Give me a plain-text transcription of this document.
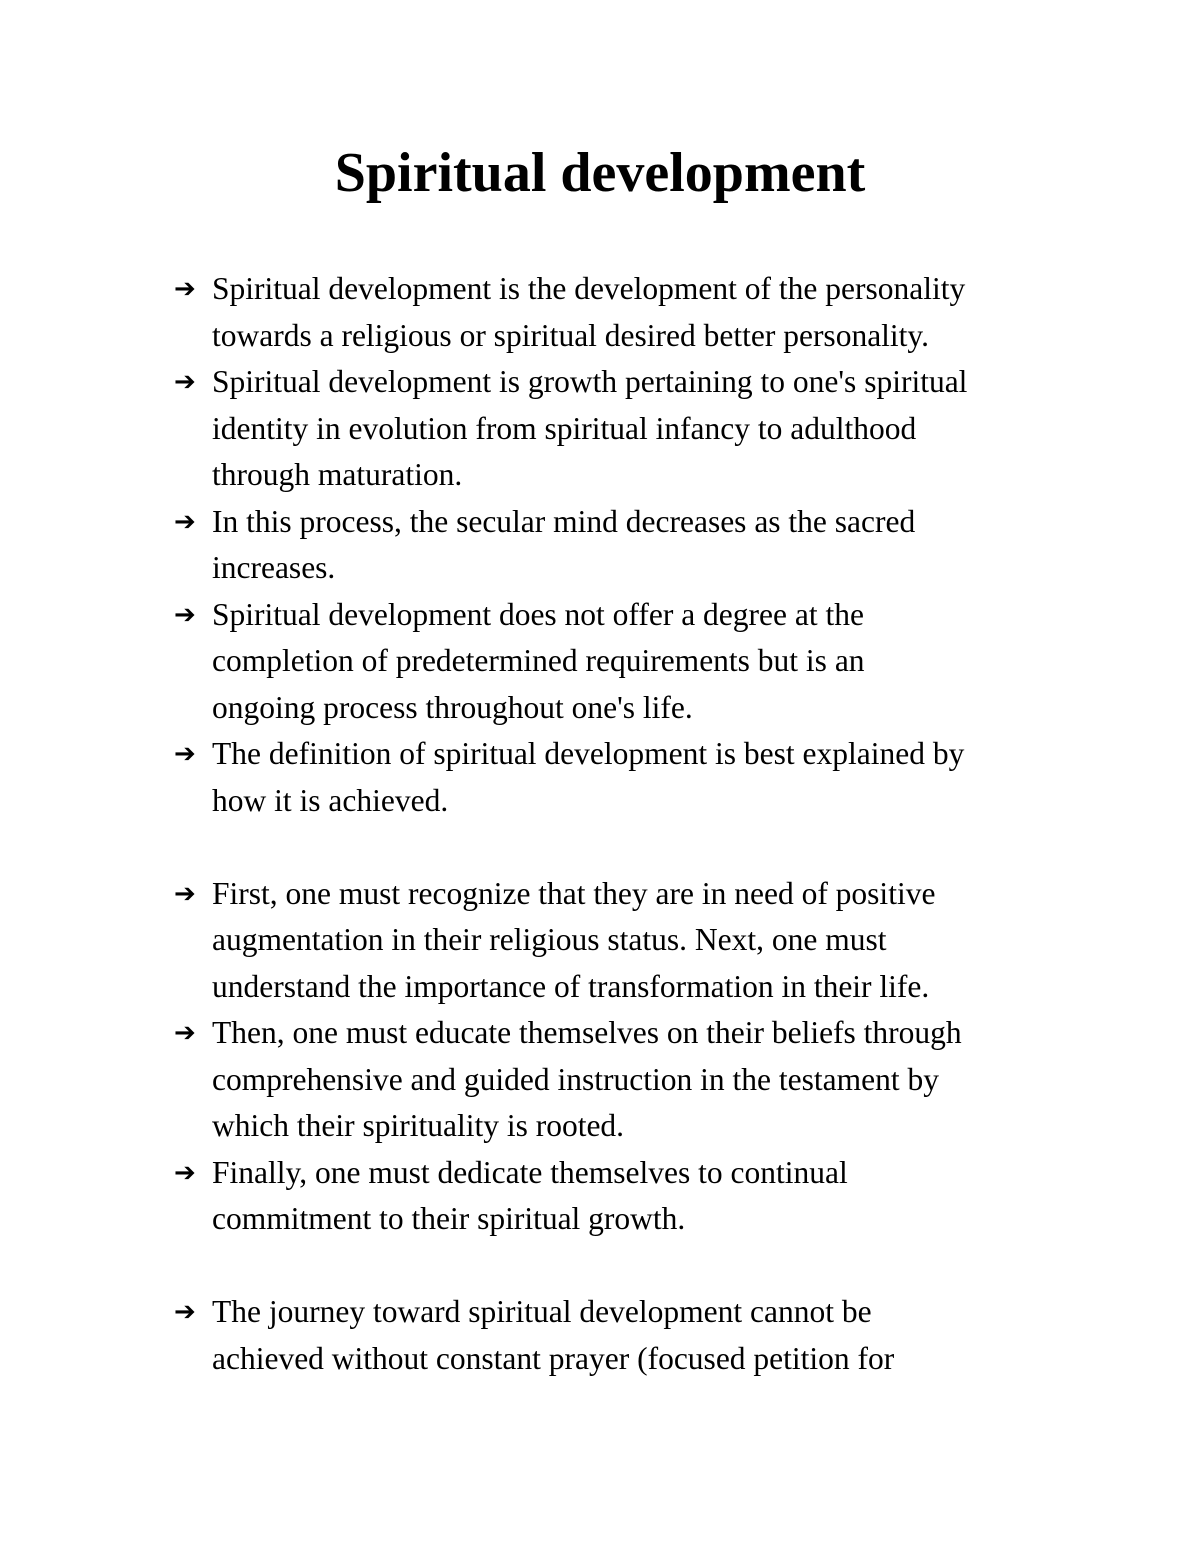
Spiritual development
➔ Spiritual development is the development of the personality
towards a religious or spiritual desired better personality.
➔ Spiritual development is growth pertaining to one's spiritual
identity in evolution from spiritual infancy to adulthood
through maturation.
➔ In this process, the secular mind decreases as the sacred
increases.
➔ Spiritual development does not offer a degree at the
completion of predetermined requirements but is an
ongoing process throughout one's life.
➔ The definition of spiritual development is best explained by
how it is achieved.
➔ First, one must recognize that they are in need of positive
augmentation in their religious status. Next, one must
understand the importance of transformation in their life.
➔ Then, one must educate themselves on their beliefs through
comprehensive and guided instruction in the testament by
which their spirituality is rooted.
➔ Finally, one must dedicate themselves to continual
commitment to their spiritual growth.
➔ The journey toward spiritual development cannot be
achieved without constant prayer (focused petition for
